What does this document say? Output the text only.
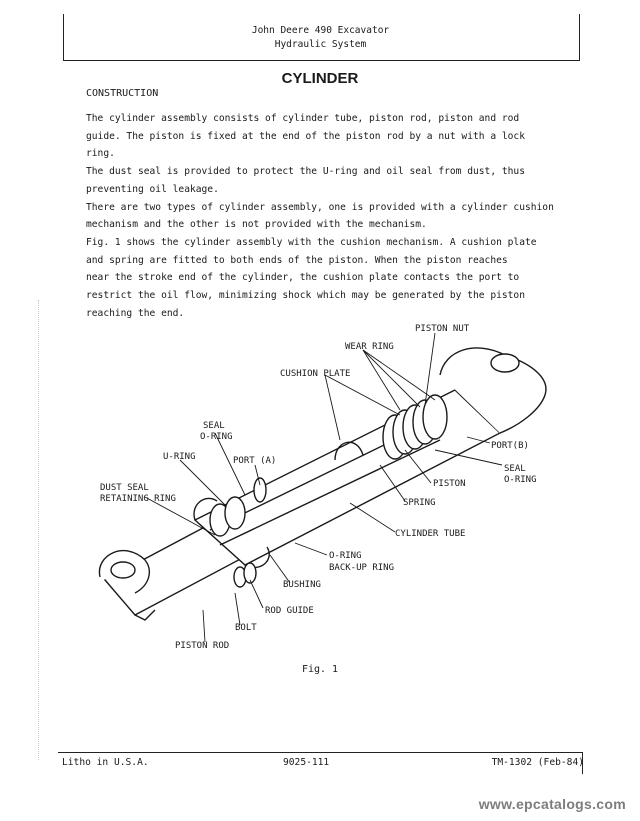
John Deere 490 Excavator
Hydraulic System
CYLINDER
CONSTRUCTION

The cylinder assembly consists of cylinder tube, piston rod, piston and rod

guide. The piston is fixed at the end of the piston rod by a nut with a lock

ring.

The dust seal is provided to protect the U-ring and oil seal from dust, thus

preventing oil leakage.

There are two types of cylinder assembly, one is provided with a cylinder cushion

mechanism and the other is not provided with the mechanism.

Fig. 1 shows the cylinder assembly with the cushion mechanism. A cushion plate

and spring are fitted to both ends of the piston. When the piston reaches

near the stroke end of the cylinder, the cushion plate contacts the port to

restrict the oil flow, minimizing shock which may be generated by the piston

reaching the end.

PISTON NUT
WEAR RING
CUSHION PLATE
SEAL
O-RING
U-RING	PORT (A)
PORT(B)
SEAL
O-RING
DUST SEAL
RETAINING RING
PISTON
SPRING
CYLINDER TUBE
O-RING
BACK-UP RING
BUSHING
ROD GUIDE
BOLT
PISTON ROD
Fig. 1
Litho in U.S.A.	9025-111	TM-1302 (Feb-84)
www.epcatalogs.com
